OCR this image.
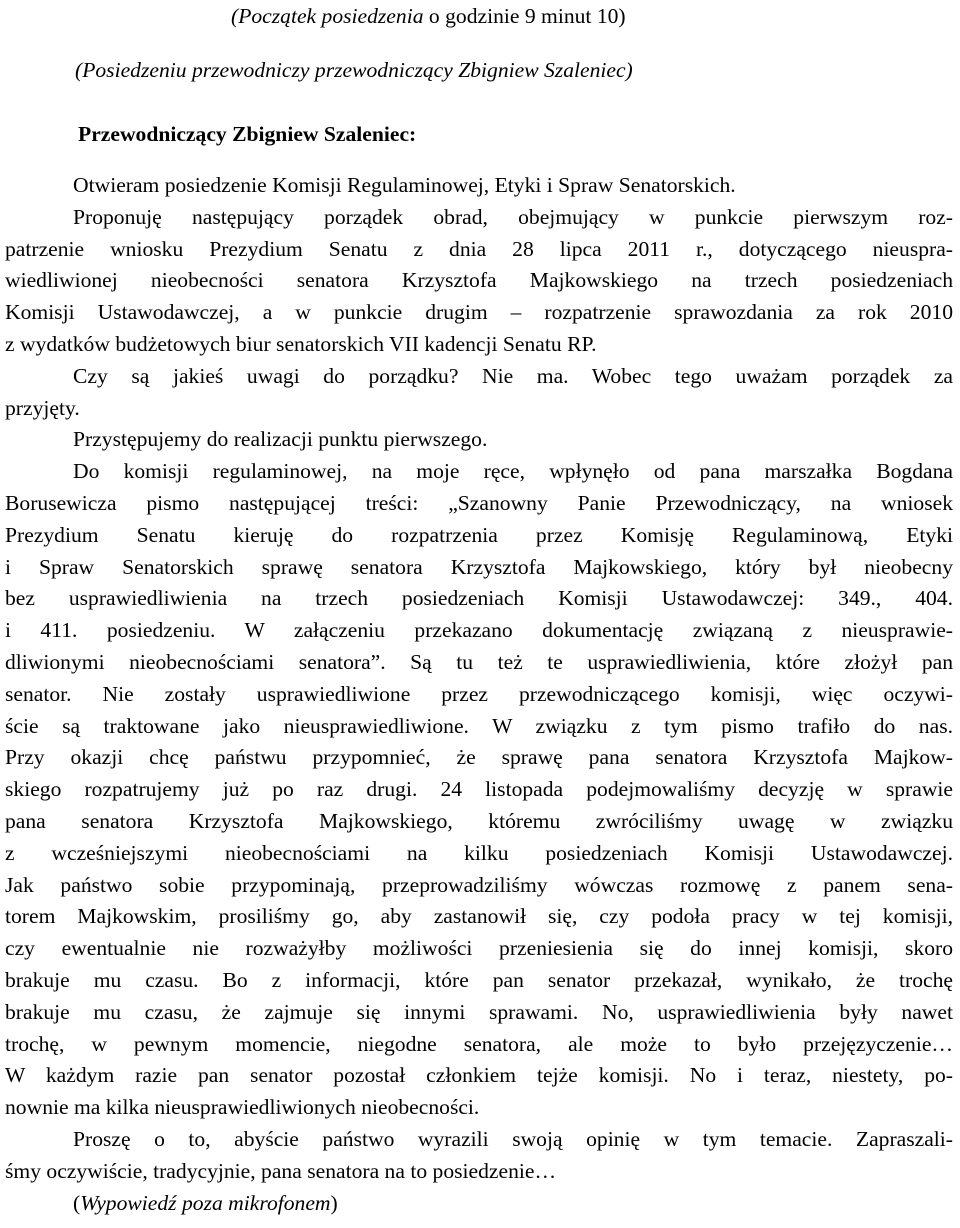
(Początek posiedzenia o godzinie 9 minut 10)
(Posiedzeniu przewodniczy przewodniczący Zbigniew Szaleniec)
Przewodniczący Zbigniew Szaleniec:
Otwieram posiedzenie Komisji Regulaminowej, Etyki i Spraw Senatorskich.
Proponuję następujący porządek obrad, obejmujący w punkcie pierwszym roz-
patrzenie wniosku Prezydium Senatu z dnia 28 lipca 2011 r., dotyczącego nieuspra-
wiedliwionej nieobecności senatora Krzysztofa Majkowskiego na trzech posiedzeniach
Komisji Ustawodawczej, a w punkcie drugim – rozpatrzenie sprawozdania za rok 2010
z wydatków budżetowych biur senatorskich VII kadencji Senatu RP.
Czy są jakieś uwagi do porządku? Nie ma. Wobec tego uważam porządek za
przyjęty.
Przystępujemy do realizacji punktu pierwszego.
Do komisji regulaminowej, na moje ręce, wpłynęło od pana marszałka Bogdana
Borusewicza pismo następującej treści: „Szanowny Panie Przewodniczący, na wniosek
Prezydium Senatu kieruję do rozpatrzenia przez Komisję Regulaminową, Etyki
i Spraw Senatorskich sprawę senatora Krzysztofa Majkowskiego, który był nieobecny
bez usprawiedliwienia na trzech posiedzeniach Komisji Ustawodawczej: 349., 404.
i 411. posiedzeniu. W załączeniu przekazano dokumentację związaną z nieusprawie-
dliwionymi nieobecnościami senatora”. Są tu też te usprawiedliwienia, które złożył pan
senator. Nie zostały usprawiedliwione przez przewodniczącego komisji, więc oczywi-
ście są traktowane jako nieusprawiedliwione. W związku z tym pismo trafiło do nas.
Przy okazji chcę państwu przypomnieć, że sprawę pana senatora Krzysztofa Majkow-
skiego rozpatrujemy już po raz drugi. 24 listopada podejmowaliśmy decyzję w sprawie
pana senatora Krzysztofa Majkowskiego, któremu zwróciliśmy uwagę w związku
z wcześniejszymi nieobecnościami na kilku posiedzeniach Komisji Ustawodawczej.
Jak państwo sobie przypominają, przeprowadziliśmy wówczas rozmowę z panem sena-
torem Majkowskim, prosiliśmy go, aby zastanowił się, czy podoła pracy w tej komisji,
czy ewentualnie nie rozważyłby możliwości przeniesienia się do innej komisji, skoro
brakuje mu czasu. Bo z informacji, które pan senator przekazał, wynikało, że trochę
brakuje mu czasu, że zajmuje się innymi sprawami. No, usprawiedliwienia były nawet
trochę, w pewnym momencie, niegodne senatora, ale może to było przejęzyczenie…
W każdym razie pan senator pozostał członkiem tejże komisji. No i teraz, niestety, po-
nownie ma kilka nieusprawiedliwionych nieobecności.
Proszę o to, abyście państwo wyrazili swoją opinię w tym temacie. Zapraszali-
śmy oczywiście, tradycyjnie, pana senatora na to posiedzenie…
(Wypowiedź poza mikrofonem)
